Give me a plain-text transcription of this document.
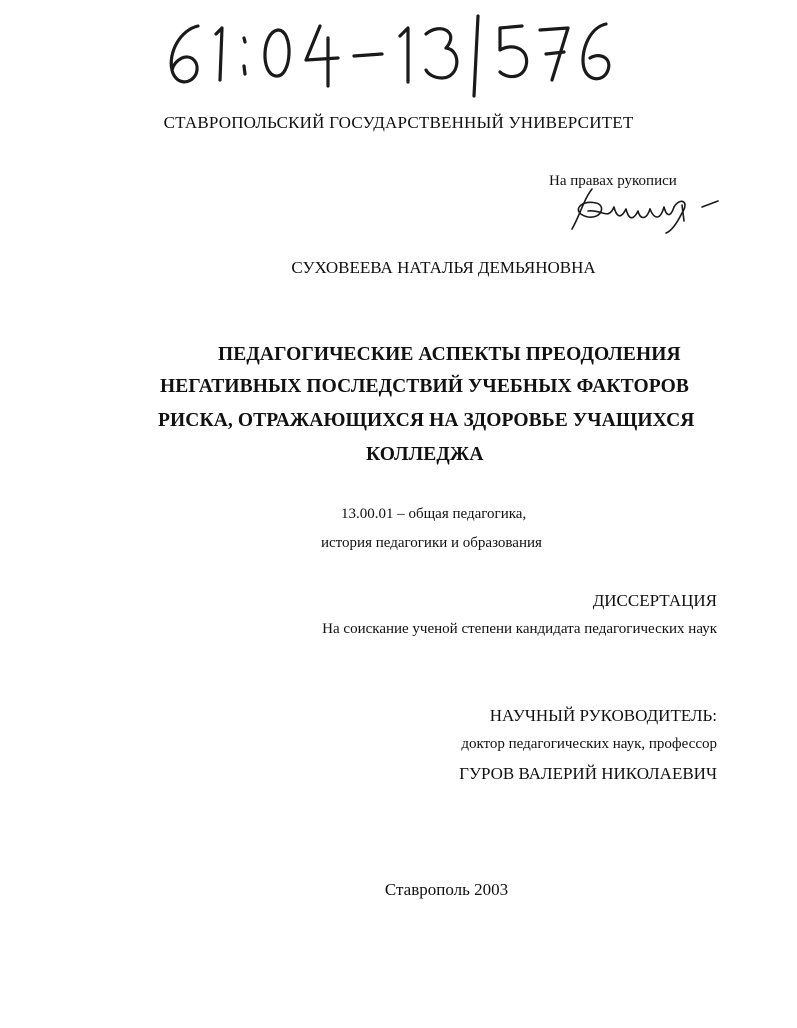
СТАВРОПОЛЬСКИЙ ГОСУДАРСТВЕННЫЙ УНИВЕРСИТЕТ
На правах рукописи
СУХОВЕЕВА НАТАЛЬЯ ДЕМЬЯНОВНА
ПЕДАГОГИЧЕСКИЕ АСПЕКТЫ ПРЕОДОЛЕНИЯ
НЕГАТИВНЫХ ПОСЛЕДСТВИЙ УЧЕБНЫХ ФАКТОРОВ
РИСКА, ОТРАЖАЮЩИХСЯ НА ЗДОРОВЬЕ УЧАЩИХСЯ
КОЛЛЕДЖА
13.00.01 – общая педагогика,
история педагогики и образования
ДИССЕРТАЦИЯ
На соискание ученой степени кандидата педагогических наук
НАУЧНЫЙ РУКОВОДИТЕЛЬ:
доктор педагогических наук, профессор
ГУРОВ ВАЛЕРИЙ НИКОЛАЕВИЧ
Ставрополь 2003
